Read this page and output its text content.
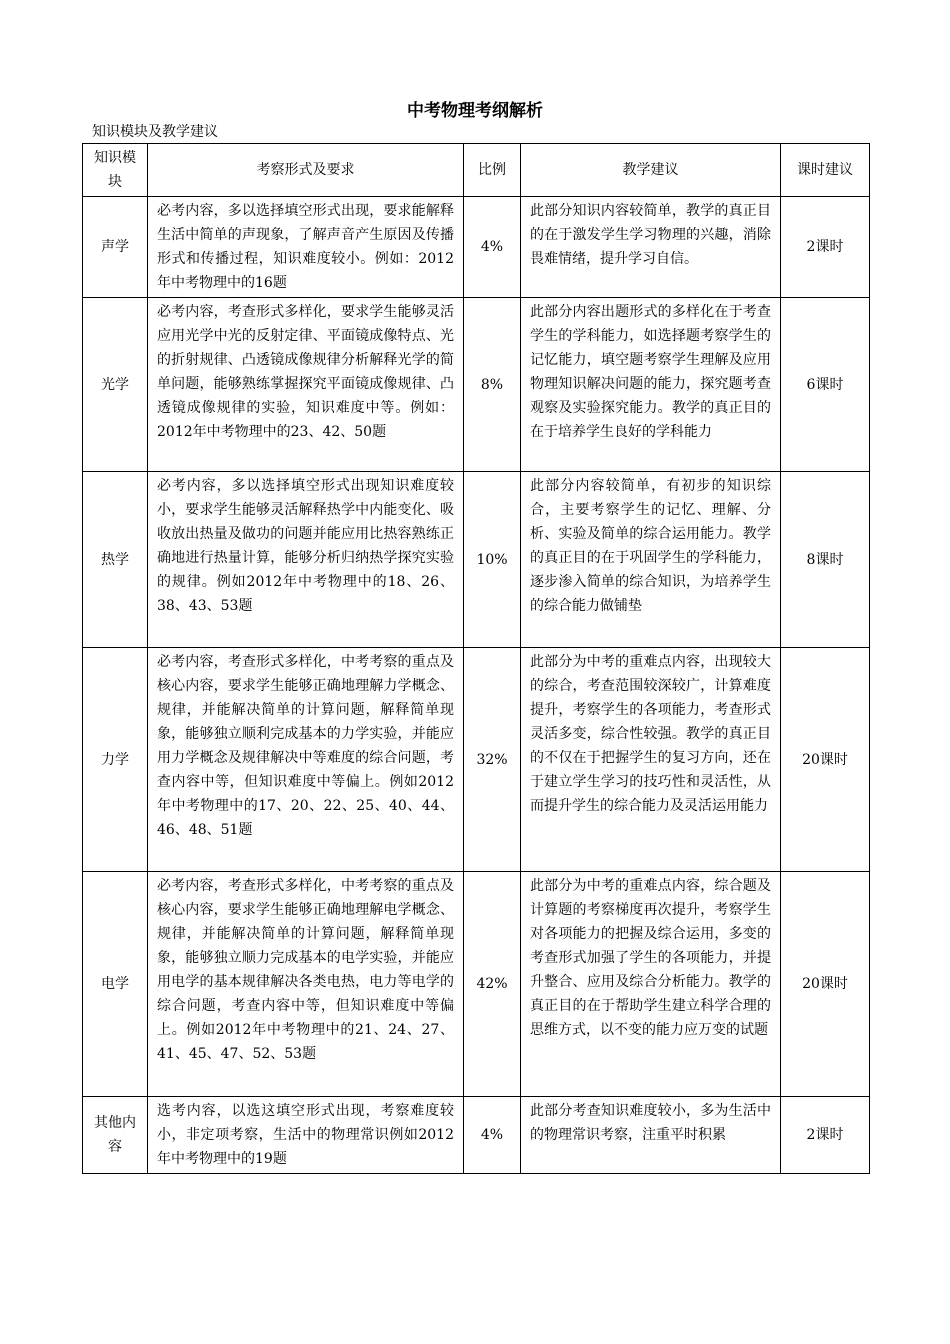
中考物理考纲解析
知识模块及教学建议
知识模块	考察形式及要求	比例	教学建议	课时建议
声学	必考内容，多以选择填空形式出现，要求能解释生活中简单的声现象，了解声音产生原因及传播形式和传播过程，知识难度较小。例如：2012年中考物理中的16题	4%	此部分知识内容较简单，教学的真正目的在于激发学生学习物理的兴趣，消除畏难情绪，提升学习自信。	2课时
光学	必考内容，考查形式多样化，要求学生能够灵活应用光学中光的反射定律、平面镜成像特点、光的折射规律、凸透镜成像规律分析解释光学的简单问题，能够熟练掌握探究平面镜成像规律、凸透镜成像规律的实验，知识难度中等。例如：2012年中考物理中的23、42、50题	8%	此部分内容出题形式的多样化在于考查学生的学科能力，如选择题考察学生的记忆能力，填空题考察学生理解及应用物理知识解决问题的能力，探究题考查观察及实验探究能力。教学的真正目的在于培养学生良好的学科能力	6课时
热学	必考内容，多以选择填空形式出现知识难度较小，要求学生能够灵活解释热学中内能变化、吸收放出热量及做功的问题并能应用比热容熟练正确地进行热量计算，能够分析归纳热学探究实验的规律。例如2012年中考物理中的18、26、38、43、53题	10%	此部分内容较简单，有初步的知识综合，主要考察学生的记忆、理解、分析、实验及简单的综合运用能力。教学的真正目的在于巩固学生的学科能力，逐步渗入简单的综合知识，为培养学生的综合能力做铺垫	8课时
力学	必考内容，考查形式多样化，中考考察的重点及核心内容，要求学生能够正确地理解力学概念、规律，并能解决简单的计算问题，解释简单现象，能够独立顺利完成基本的力学实验，并能应用力学概念及规律解决中等难度的综合问题，考查内容中等，但知识难度中等偏上。例如2012年中考物理中的17、20、22、25、40、44、46、48、51题	32%	此部分为中考的重难点内容，出现较大的综合，考查范围较深较广，计算难度提升，考察学生的各项能力，考查形式灵活多变，综合性较强。教学的真正目的不仅在于把握学生的复习方向，还在于建立学生学习的技巧性和灵活性，从而提升学生的综合能力及灵活运用能力	20课时
电学	必考内容，考查形式多样化，中考考察的重点及核心内容，要求学生能够正确地理解电学概念、规律，并能解决简单的计算问题，解释简单现象，能够独立顺力完成基本的电学实验，并能应用电学的基本规律解决各类电热，电力等电学的综合问题，考查内容中等，但知识难度中等偏上。例如2012年中考物理中的21、24、27、41、45、47、52、53题	42%	此部分为中考的重难点内容，综合题及计算题的考察梯度再次提升，考察学生对各项能力的把握及综合运用，多变的考查形式加强了学生的各项能力，并提升整合、应用及综合分析能力。教学的真正目的在于帮助学生建立科学合理的思维方式，以不变的能力应万变的试题	20课时
其他内容	选考内容，以选这填空形式出现，考察难度较小，非定项考察，生活中的物理常识例如2012年中考物理中的19题	4%	此部分考查知识难度较小，多为生活中的物理常识考察，注重平时积累	2课时
